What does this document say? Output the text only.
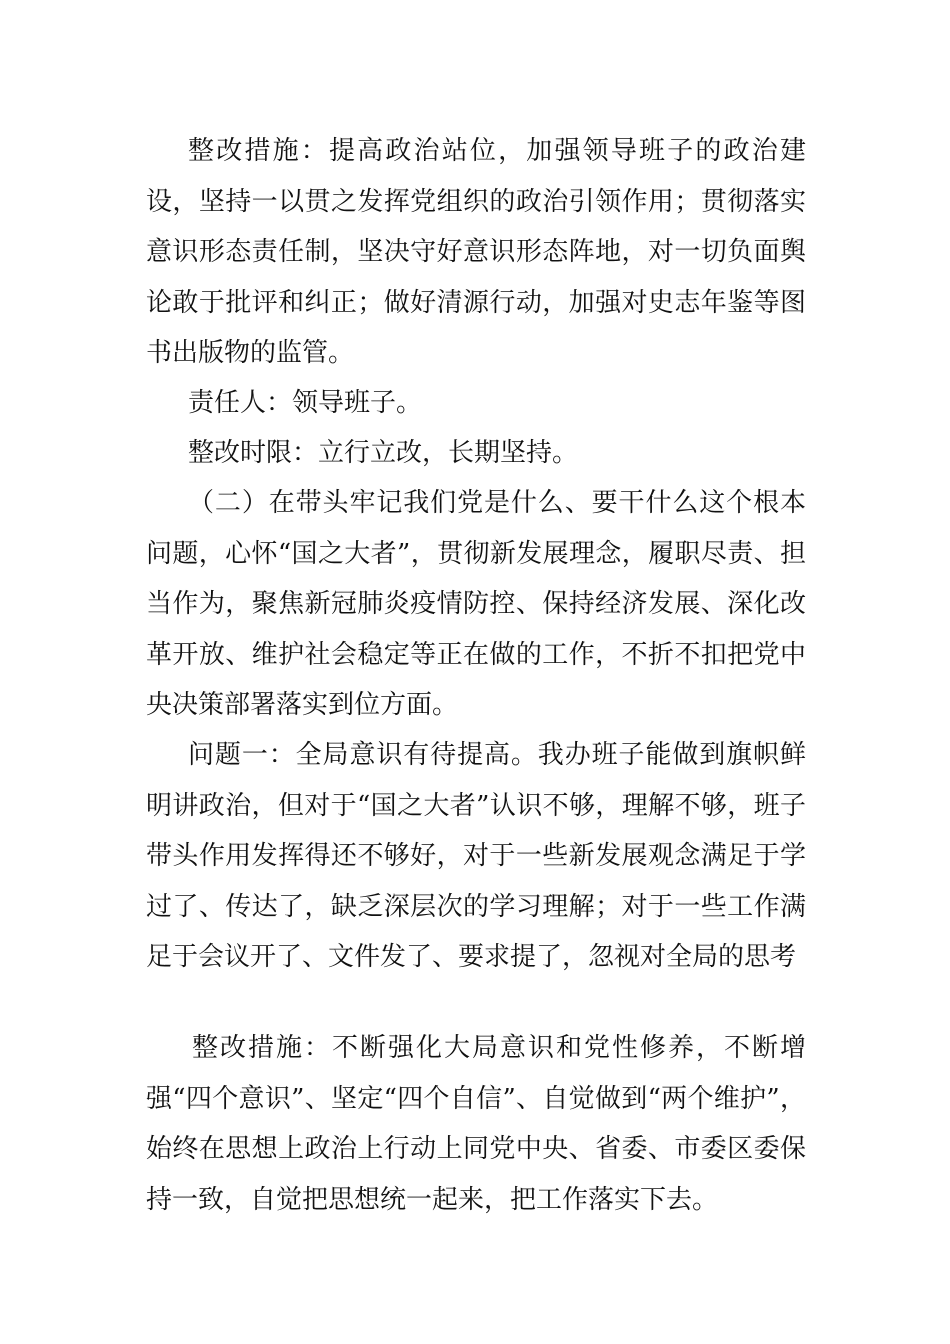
整改措施：提高政治站位，加强领导班子的政治建设，坚持一以贯之发挥党组织的政治引领作用；贯彻落实意识形态责任制，坚决守好意识形态阵地，对一切负面舆论敢于批评和纠正；做好清源行动，加强对史志年鉴等图书出版物的监管。

责任人：领导班子。

整改时限：立行立改，长期坚持。

（二）在带头牢记我们党是什么、要干什么这个根本问题，心怀“国之大者”，贯彻新发展理念，履职尽责、担当作为，聚焦新冠肺炎疫情防控、保持经济发展、深化改革开放、维护社会稳定等正在做的工作，不折不扣把党中央决策部署落实到位方面。

问题一：全局意识有待提高。我办班子能做到旗帜鲜明讲政治，但对于“国之大者”认识不够，理解不够，班子带头作用发挥得还不够好，对于一些新发展观念满足于学过了、传达了，缺乏深层次的学习理解；对于一些工作满足于会议开了、文件发了、要求提了，忽视对全局的思考

整改措施：不断强化大局意识和党性修养，不断增强“四个意识”、坚定“四个自信”、自觉做到“两个维护”，始终在思想上政治上行动上同党中央、省委、市委区委保持一致，自觉把思想统一起来，把工作落实下去。
